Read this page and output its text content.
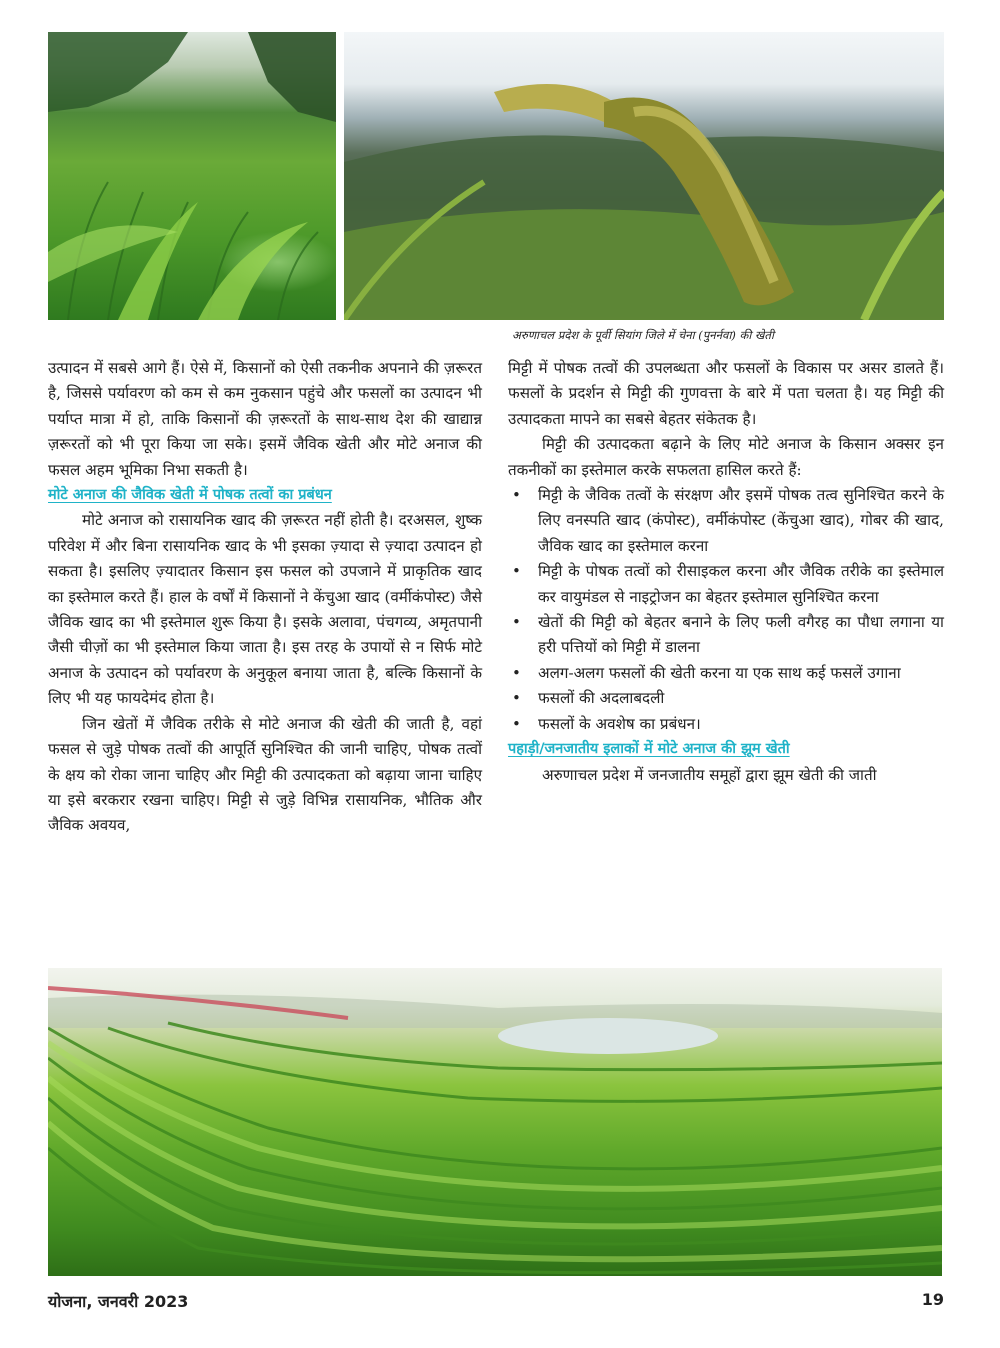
अरुणाचल प्रदेश के पूर्वी सियांग जिले में चेना (पुनर्नवा) की खेती

उत्पादन में सबसे आगे हैं। ऐसे में, किसानों को ऐसी तकनीक अपनाने की ज़रूरत है, जिससे पर्यावरण को कम से कम नुकसान पहुंचे और फसलों का उत्पादन भी पर्याप्त मात्रा में हो, ताकि किसानों की ज़रूरतों के साथ-साथ देश की खाद्यान्न ज़रूरतों को भी पूरा किया जा सके। इसमें जैविक खेती और मोटे अनाज की फसल अहम भूमिका निभा सकती है।

मोटे अनाज की जैविक खेती में पोषक तत्वों का प्रबंधन

मोटे अनाज को रासायनिक खाद की ज़रूरत नहीं होती है। दरअसल, शुष्क परिवेश में और बिना रासायनिक खाद के भी इसका ज़्यादा से ज़्यादा उत्पादन हो सकता है। इसलिए ज़्यादातर किसान इस फसल को उपजाने में प्राकृतिक खाद का इस्तेमाल करते हैं। हाल के वर्षों में किसानों ने केंचुआ खाद (वर्मीकंपोस्ट) जैसे जैविक खाद का भी इस्तेमाल शुरू किया है। इसके अलावा, पंचगव्य, अमृतपानी जैसी चीज़ों का भी इस्तेमाल किया जाता है। इस तरह के उपायों से न सिर्फ मोटे अनाज के उत्पादन को पर्यावरण के अनुकूल बनाया जाता है, बल्कि किसानों के लिए भी यह फायदेमंद होता है।

जिन खेतों में जैविक तरीके से मोटे अनाज की खेती की जाती है, वहां फसल से जुड़े पोषक तत्वों की आपूर्ति सुनिश्चित की जानी चाहिए, पोषक तत्वों के क्षय को रोका जाना चाहिए और मिट्टी की उत्पादकता को बढ़ाया जाना चाहिए या इसे बरकरार रखना चाहिए। मिट्टी से जुड़े विभिन्न रासायनिक, भौतिक और जैविक अवयव,

मिट्टी में पोषक तत्वों की उपलब्धता और फसलों के विकास पर असर डालते हैं। फसलों के प्रदर्शन से मिट्टी की गुणवत्ता के बारे में पता चलता है। यह मिट्टी की उत्पादकता मापने का सबसे बेहतर संकेतक है।

मिट्टी की उत्पादकता बढ़ाने के लिए मोटे अनाज के किसान अक्सर इन तकनीकों का इस्तेमाल करके सफलता हासिल करते हैं:

• मिट्टी के जैविक तत्वों के संरक्षण और इसमें पोषक तत्व सुनिश्चित करने के लिए वनस्पति खाद (कंपोस्ट), वर्मीकंपोस्ट (केंचुआ खाद), गोबर की खाद, जैविक खाद का इस्तेमाल करना
• मिट्टी के पोषक तत्वों को रीसाइकल करना और जैविक तरीके का इस्तेमाल कर वायुमंडल से नाइट्रोजन का बेहतर इस्तेमाल सुनिश्चित करना
• खेतों की मिट्टी को बेहतर बनाने के लिए फली वगैरह का पौधा लगाना या हरी पत्तियों को मिट्टी में डालना
• अलग-अलग फसलों की खेती करना या एक साथ कई फसलें उगाना
• फसलों की अदलाबदली
• फसलों के अवशेष का प्रबंधन।
पहाड़ी/जनजातीय इलाकों में मोटे अनाज की झूम खेती

अरुणाचल प्रदेश में जनजातीय समूहों द्वारा झूम खेती की जाती

योजना, जनवरी 2023	19
